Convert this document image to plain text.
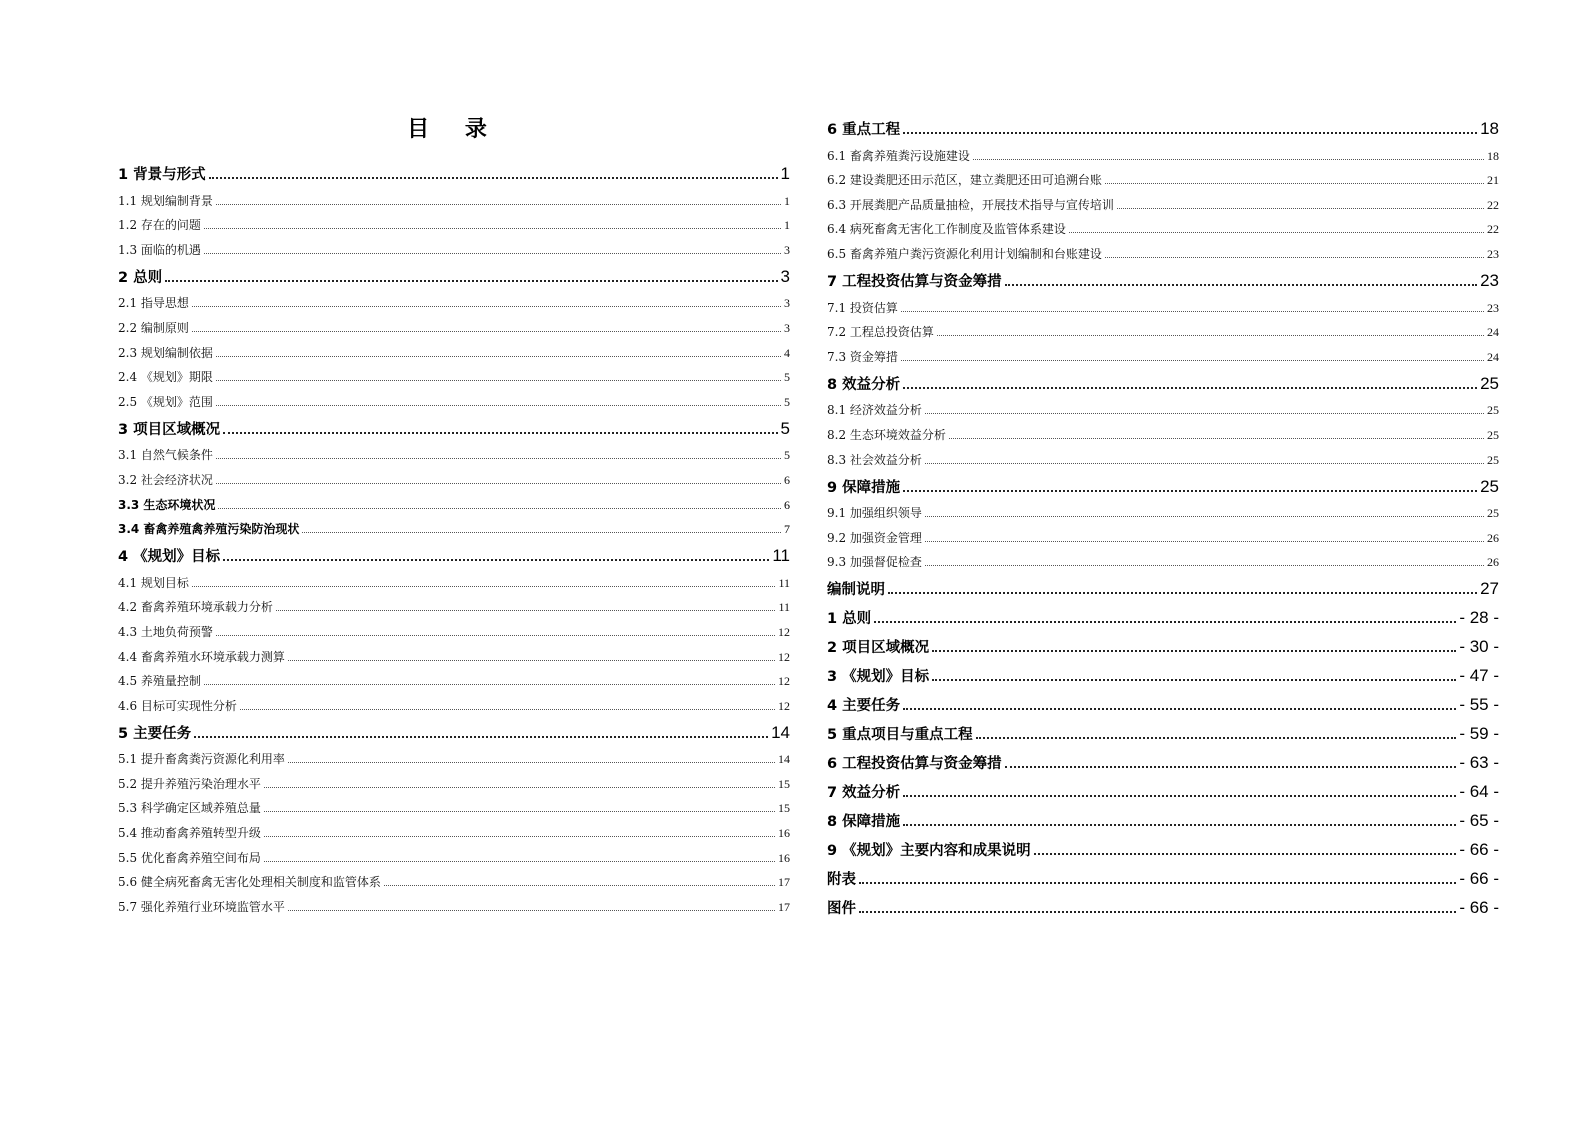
目 录
1 背景与形式	1
1.1 规划编制背景	1
1.2 存在的问题	1
1.3 面临的机遇	3
2 总则	3
2.1 指导思想	3
2.2 编制原则	3
2.3 规划编制依据	4
2.4 《规划》期限	5
2.5 《规划》范围	5
3 项目区域概况	5
3.1 自然气候条件	5
3.2 社会经济状况	6
3.3 生态环境状况	6
3.4 畜禽养殖禽养殖污染防治现状	7
4 《规划》目标	11
4.1 规划目标	11
4.2 畜禽养殖环境承载力分析	11
4.3 土地负荷预警	12
4.4 畜禽养殖水环境承载力测算	12
4.5 养殖量控制	12
4.6 目标可实现性分析	12
5 主要任务	14
5.1 提升畜禽粪污资源化利用率	14
5.2 提升养殖污染治理水平	15
5.3 科学确定区域养殖总量	15
5.4 推动畜禽养殖转型升级	16
5.5 优化畜禽养殖空间布局	16
5.6 健全病死畜禽无害化处理相关制度和监管体系	17
5.7 强化养殖行业环境监管水平	17
6 重点工程	18
6.1 畜禽养殖粪污设施建设	18
6.2 建设粪肥还田示范区，建立粪肥还田可追溯台账	21
6.3 开展粪肥产品质量抽检，开展技术指导与宣传培训	22
6.4 病死畜禽无害化工作制度及监管体系建设	22
6.5 畜禽养殖户粪污资源化利用计划编制和台账建设	23
7 工程投资估算与资金筹措	23
7.1 投资估算	23
7.2 工程总投资估算	24
7.3 资金筹措	24
8 效益分析	25
8.1 经济效益分析	25
8.2 生态环境效益分析	25
8.3 社会效益分析	25
9 保障措施	25
9.1 加强组织领导	25
9.2 加强资金管理	26
9.3 加强督促检查	26
编制说明	27
1 总则	- 28 -
2 项目区域概况	- 30 -
3 《规划》目标	- 47 -
4 主要任务	- 55 -
5 重点项目与重点工程	- 59 -
6 工程投资估算与资金筹措	- 63 -
7 效益分析	- 64 -
8 保障措施	- 65 -
9 《规划》主要内容和成果说明	- 66 -
附表	- 66 -
图件	- 66 -
